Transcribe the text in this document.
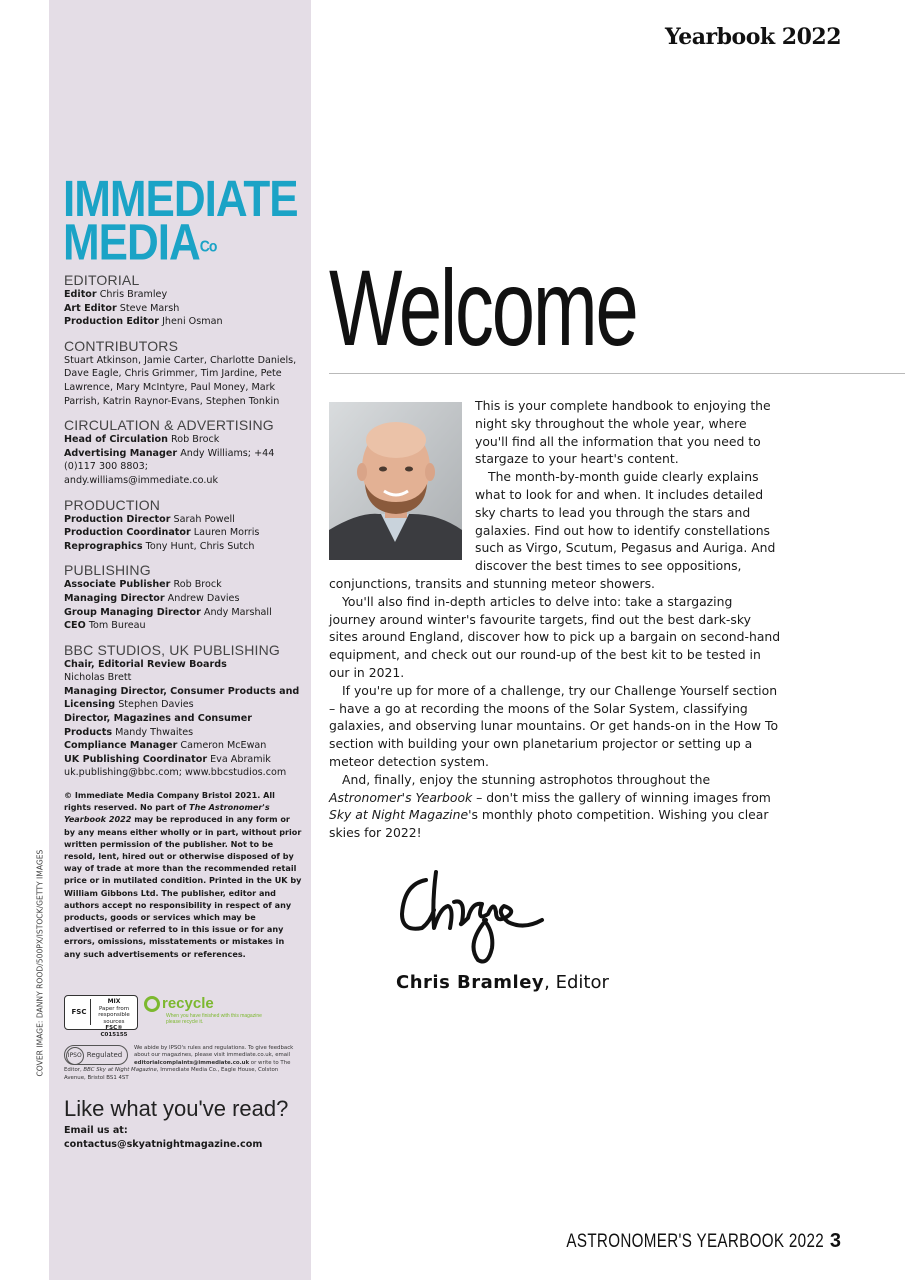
IMMEDIATE
$MEDIA^{Co}$
EDITORIAL

Editor Chris Bramley

Art Editor Steve Marsh

Production Editor Jheni Osman

CONTRIBUTORS

Stuart Atkinson, Jamie Carter, Charlotte Daniels, Dave Eagle, Chris Grimmer, Tim Jardine, Pete Lawrence, Mary McIntyre, Paul Money, Mark Parrish, Katrin Raynor-Evans, Stephen Tonkin

CIRCULATION & ADVERTISING

Head of Circulation Rob Brock

Advertising Manager Andy Williams; +44 (0)117 300 8803; andy.williams@immediate.co.uk

PRODUCTION

Production Director Sarah Powell

Production Coordinator Lauren Morris

Reprographics Tony Hunt, Chris Sutch

PUBLISHING

Associate Publisher Rob Brock

Managing Director Andrew Davies

Group Managing Director Andy Marshall

CEO Tom Bureau

BBC STUDIOS, UK PUBLISHING

Chair, Editorial Review Boards
Nicholas Brett

Managing Director, Consumer Products and Licensing Stephen Davies

Director, Magazines and Consumer Products Mandy Thwaites

Compliance Manager Cameron McEwan

UK Publishing Coordinator Eva Abramik

uk.publishing@bbc.com; www.bbcstudios.com

© Immediate Media Company Bristol 2021. All rights reserved. No part of The Astronomer's Yearbook 2022 may be reproduced in any form or by any means either wholly or in part, without prior written permission of the publisher. Not to be resold, lent, hired out or otherwise disposed of by way of trade at more than the recommended retail price or in mutilated condition. Printed in the UK by William Gibbons Ltd. The publisher, editor and authors accept no responsibility in respect of any products, goods or services which may be advertised or referred to in this issue or for any errors, omissions, misstatements or mistakes in any such advertisements or references.
COVER IMAGE: DANNY ROOD/500PX/ISTOCK/GETTY IMAGES	FSC
MIX
Paper from responsible sources
FSC® C015155
recycle
When you have finished with this magazine please recycle it.
IPSO Regulated
We abide by IPSO's rules and regulations. To give feedback about our magazines, please visit immediate.co.uk, email editorialcomplaints@immediate.co.uk or write to The Editor, BBC Sky at Night Magazine, Immediate Media Co., Eagle House, Colston Avenue, Bristol BS1 4ST
Like what you've read?
Email us at:
contactus@skyatnightmagazine.com
Yearbook 2022
Welcome

This is your complete handbook to enjoying the night sky throughout the whole year, where you'll find all the information that you need to stargaze to your heart's content.

The month-by-month guide clearly explains what to look for and when. It includes detailed sky charts to lead you through the stars and galaxies. Find out how to identify constellations such as Virgo, Scutum, Pegasus and Auriga. And discover the best times to see oppositions, conjunctions, transits and stunning meteor showers.

You'll also find in-depth articles to delve into: take a stargazing journey around winter's favourite targets, find out the best dark-sky sites around England, discover how to pick up a bargain on second-hand equipment, and check out our round-up of the best kit to be tested in our in 2021.

If you're up for more of a challenge, try our Challenge Yourself section – have a go at recording the moons of the Solar System, classifying galaxies, and observing lunar mountains. Or get hands-on in the How To section with building your own planetarium projector or setting up a meteor detection system.

And, finally, enjoy the stunning astrophotos throughout the Astronomer's Yearbook – don't miss the gallery of winning images from Sky at Night Magazine's monthly photo competition. Wishing you clear skies for 2022!

Chris Bramley, Editor
ASTRONOMER'S YEARBOOK 2022 3
